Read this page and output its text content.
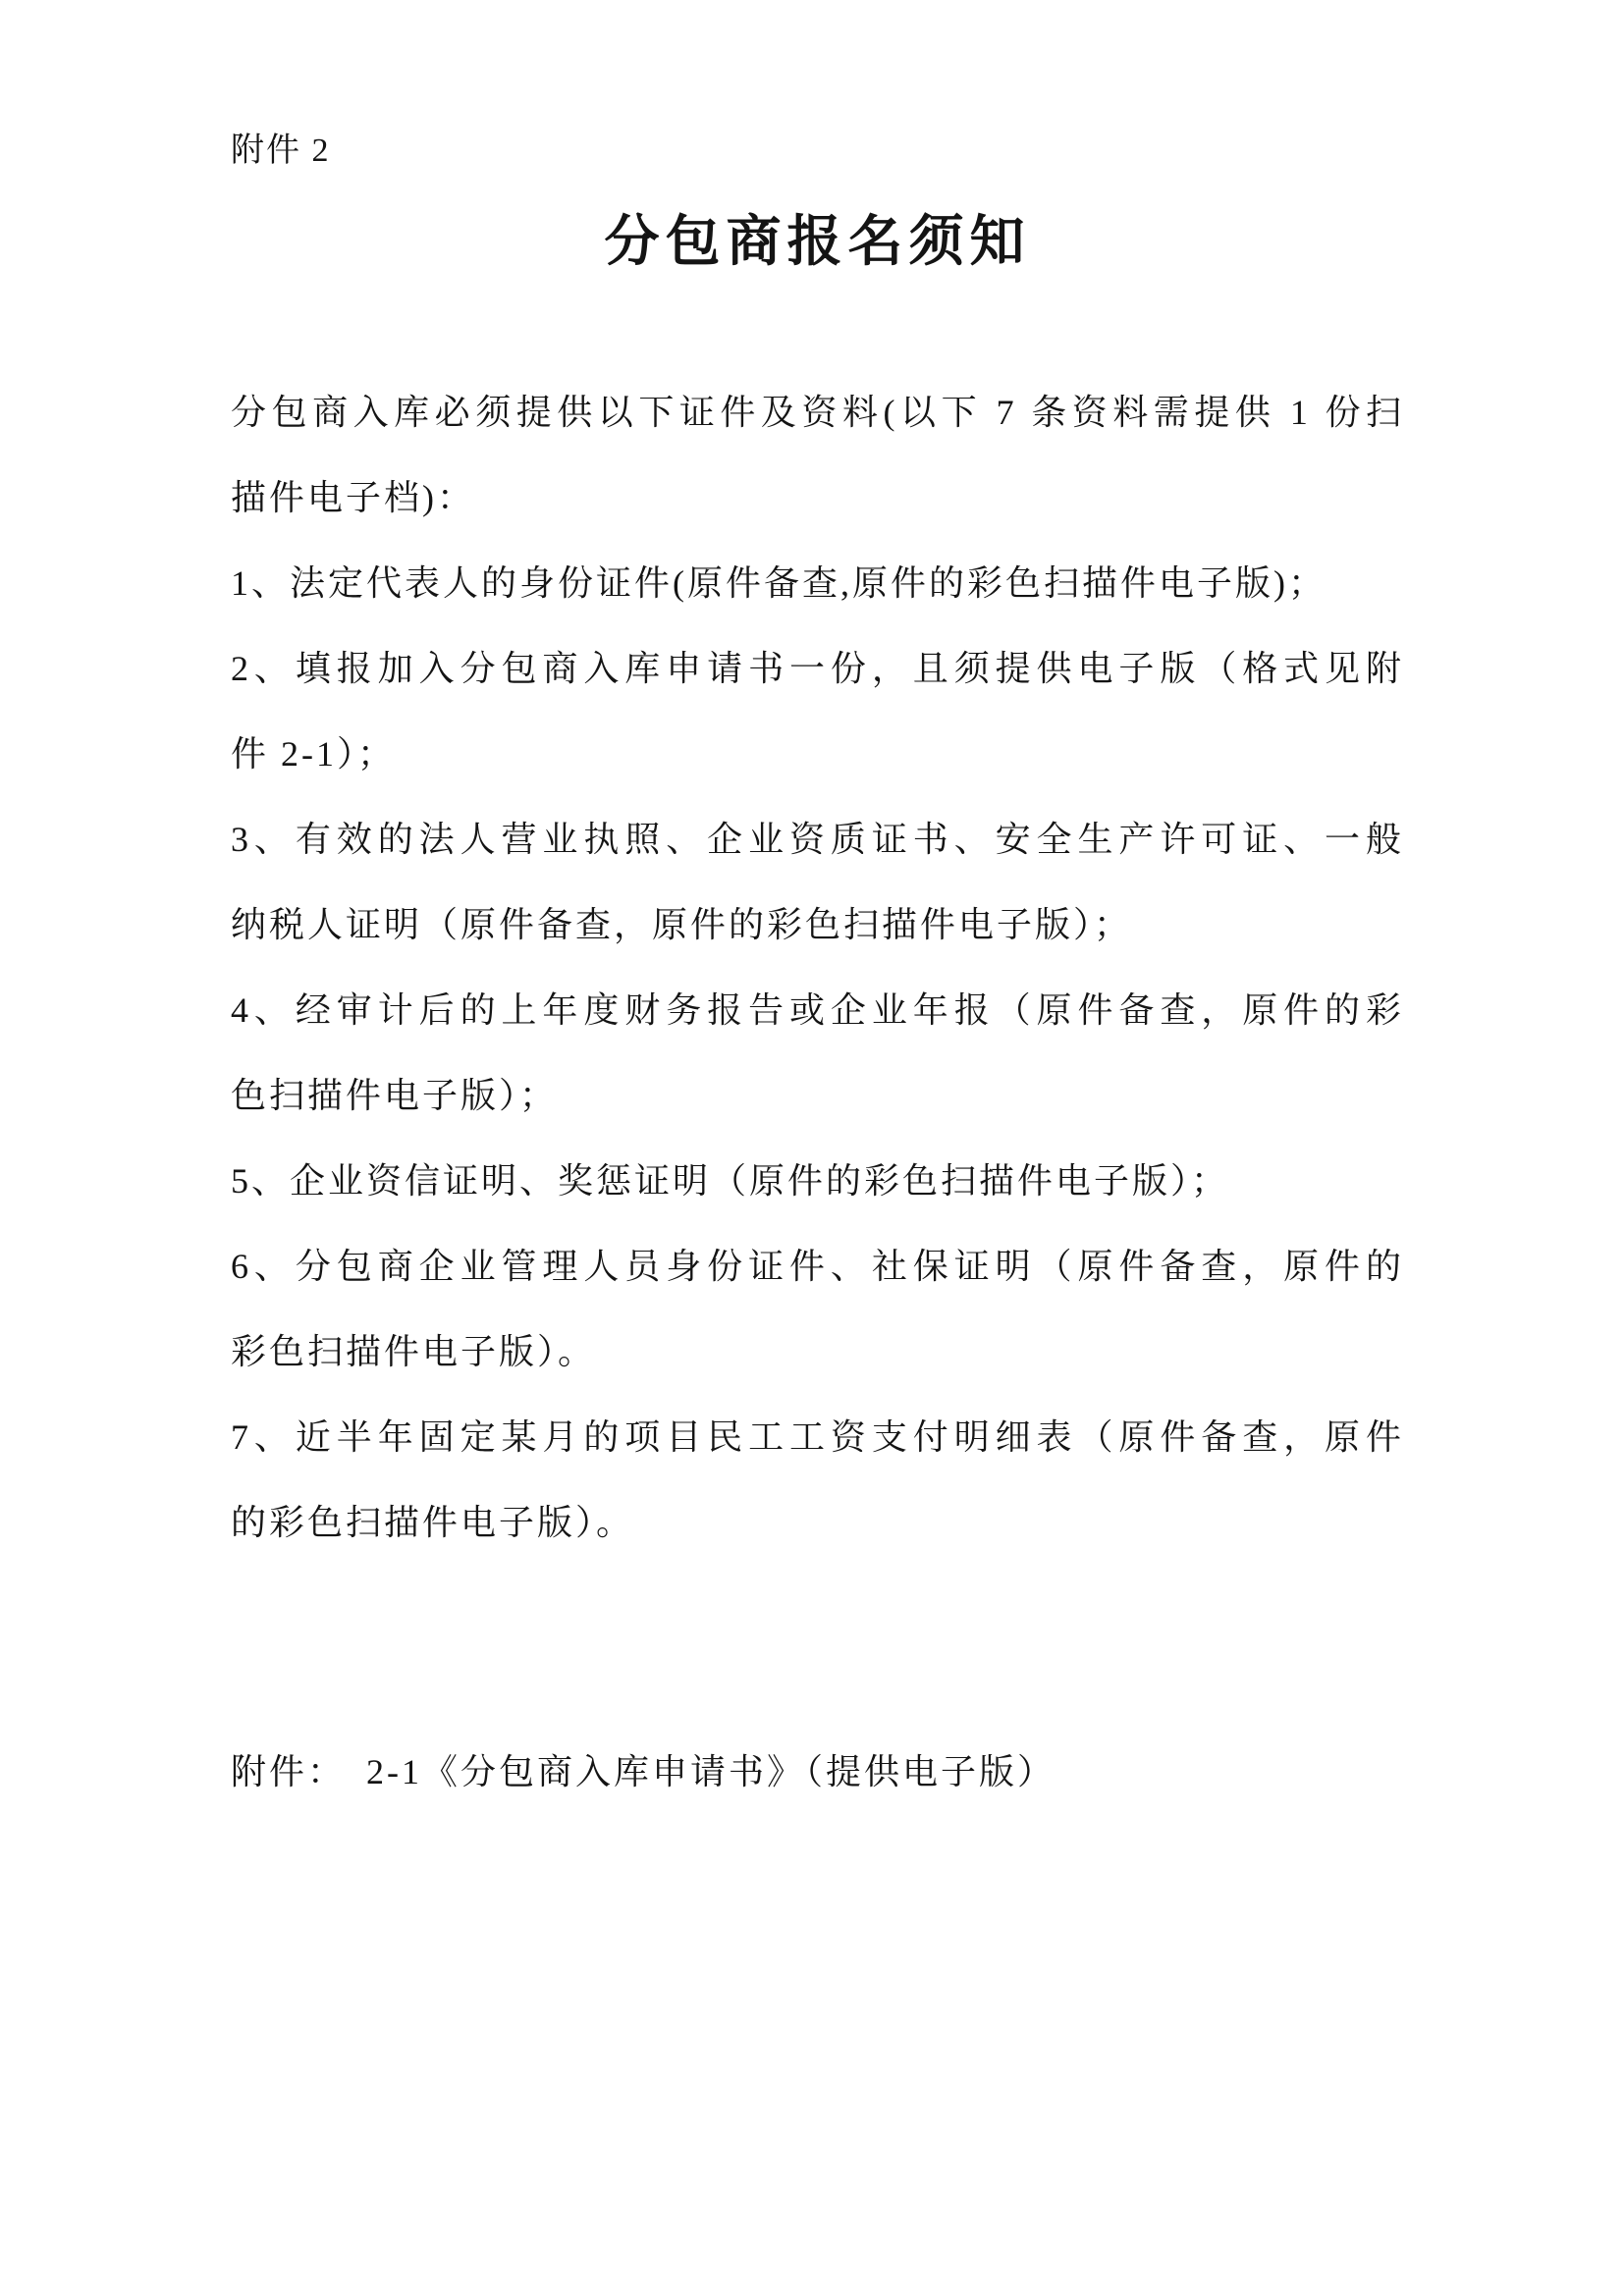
附件 2
分包商报名须知
分包商入库必须提供以下证件及资料(以下 7 条资料需提供 1 份扫
描件电子档)：
1、法定代表人的身份证件(原件备查,原件的彩色扫描件电子版)；
2、填报加入分包商入库申请书一份，且须提供电子版（格式见附
件 2-1）；
3、有效的法人营业执照、企业资质证书、安全生产许可证、一般
纳税人证明（原件备查，原件的彩色扫描件电子版）；
4、经审计后的上年度财务报告或企业年报（原件备查，原件的彩
色扫描件电子版）；
5、企业资信证明、奖惩证明（原件的彩色扫描件电子版）；
6、分包商企业管理人员身份证件、社保证明（原件备查，原件的
彩色扫描件电子版）。
7、近半年固定某月的项目民工工资支付明细表（原件备查，原件
的彩色扫描件电子版）。
附件：　2-1《分包商入库申请书》（提供电子版）
